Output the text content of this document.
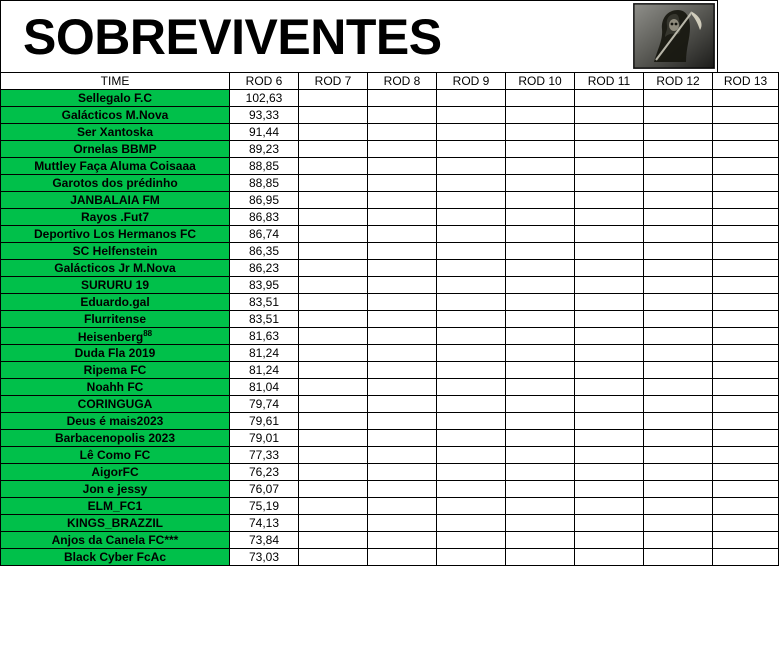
SOBREVIVENTES
TIME	ROD 6	ROD 7	ROD 8	ROD 9	ROD 10	ROD 11	ROD 12	ROD 13
Sellegalo F.C	102,63							
Galácticos M.Nova	93,33							
Ser Xantoska	91,44							
Ornelas BBMP	89,23							
Muttley Faça Aluma Coisaaa	88,85							
Garotos dos prédinho	88,85							
JANBALAIA FM	86,95							
Rayos .Fut7	86,83							
Deportivo Los Hermanos FC	86,74							
SC Helfenstein	86,35							
Galácticos Jr M.Nova	86,23							
SURURU 19	83,95							
Eduardo.gal	83,51							
Flurritense	83,51							
Heisenberg$^{88}$	81,63							
Duda Fla 2019	81,24							
Ripema FC	81,24							
Noahh FC	81,04							
CORINGUGA	79,74							
Deus é mais2023	79,61							
Barbacenopolis 2023	79,01							
Lê Como FC	77,33							
AigorFC	76,23							
Jon e jessy	76,07							
ELM_FC1	75,19							
KINGS_BRAZZIL	74,13							
Anjos da Canela FC***	73,84							
Black Cyber FcAc	73,03							
